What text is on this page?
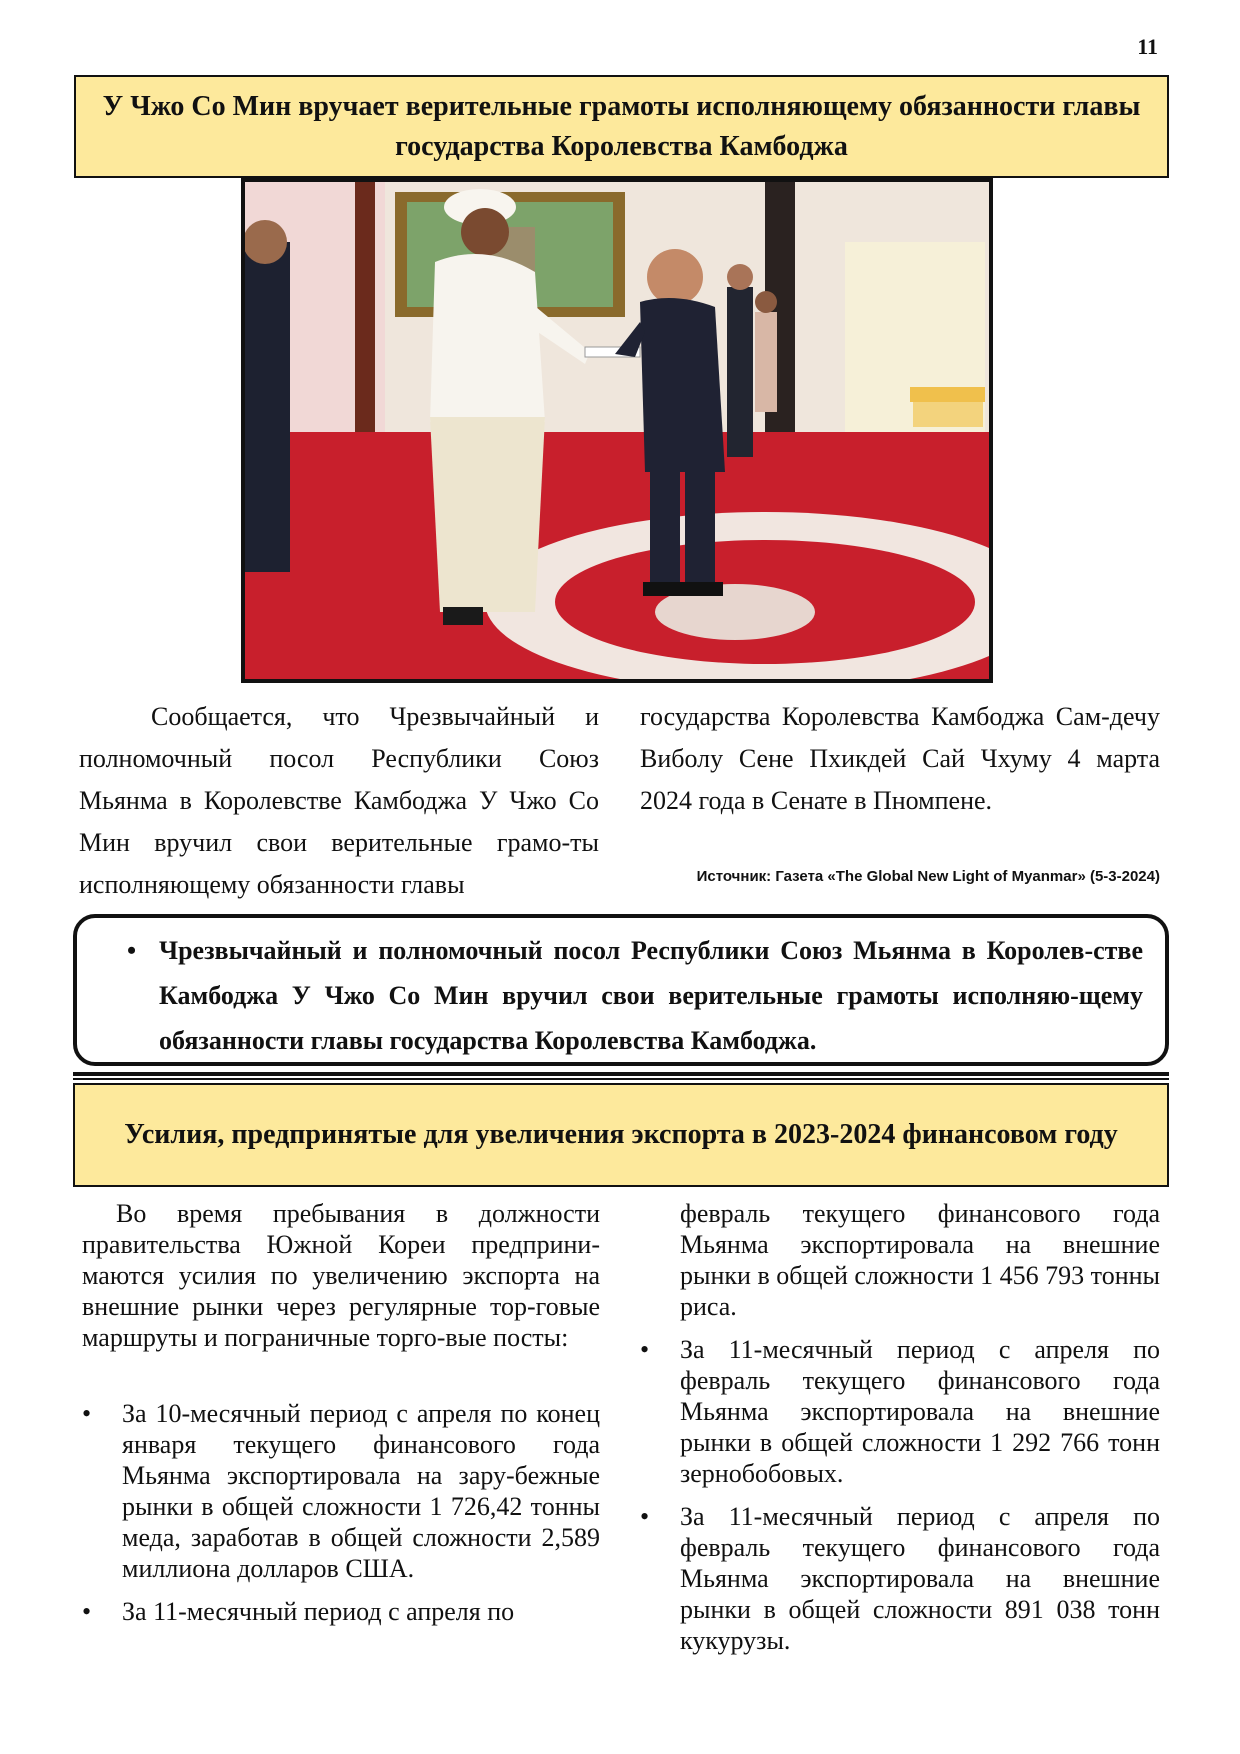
11
У Чжо Со Мин вручает верительные грамоты исполняющему обязанности главы государства Королевства Камбоджа
Сообщается, что Чрезвычайный и полномочный посол Республики Союз Мьянма в Королевстве Камбоджа У Чжо Со Мин вручил свои верительные грамо-ты исполняющему обязанности главы
государства Королевства Камбоджа Сам-дечу Виболу Сене Пхикдей Сай Чхуму 4 марта 2024 года в Сенате в Пномпене.
Источник: Газета «The Global New Light of Myanmar» (5-3-2024)
• Чрезвычайный и полномочный посол Республики Союз Мьянма в Королев-стве Камбоджа У Чжо Со Мин вручил свои верительные грамоты исполняю-щему обязанности главы государства Королевства Камбоджа.
Усилия, предпринятые для увеличения экспорта в 2023-2024 финансовом году
Во время пребывания в должности правительства Южной Кореи предприни-маются усилия по увеличению экспорта на внешние рынки через регулярные тор-говые маршруты и пограничные торго-вые посты:
• За 10-месячный период с апреля по конец января текущего финансового года Мьянма экспортировала на зару-бежные рынки в общей сложности 1 726,42 тонны меда, заработав в общей сложности 2,589 миллиона долларов США.
• За 11-месячный период с апреля по
февраль текущего финансового года Мьянма экспортировала на внешние рынки в общей сложности 1 456 793 тонны риса.
• За 11-месячный период с апреля по февраль текущего финансового года Мьянма экспортировала на внешние рынки в общей сложности 1 292 766 тонн зернобобовых.
• За 11-месячный период с апреля по февраль текущего финансового года Мьянма экспортировала на внешние рынки в общей сложности 891 038 тонн кукурузы.
